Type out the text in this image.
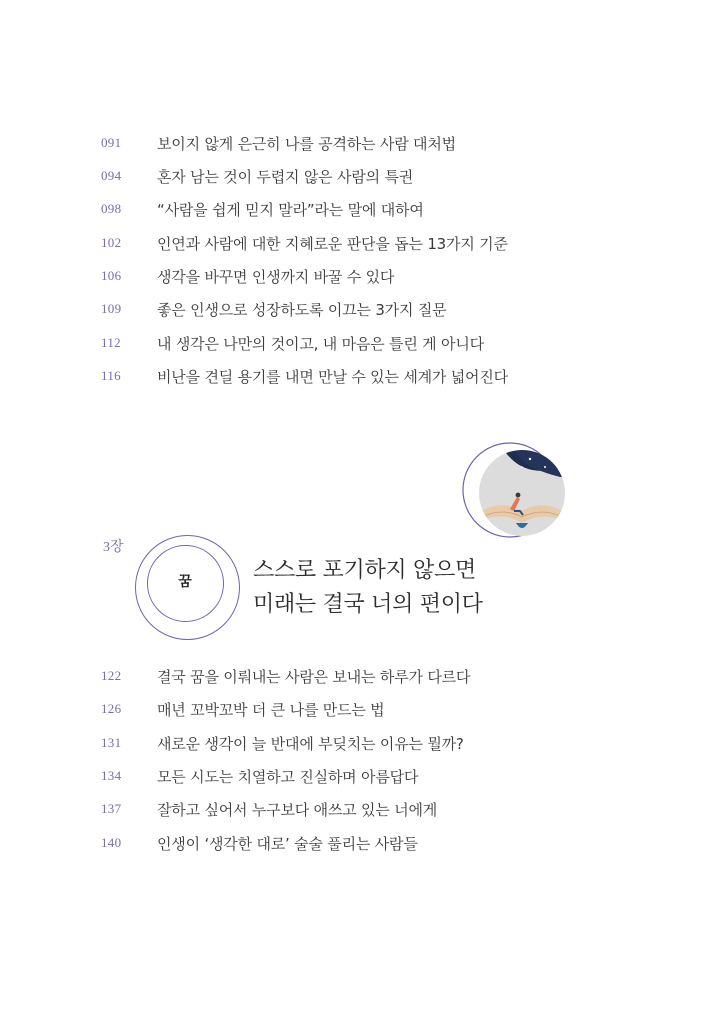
091	보이지 않게 은근히 나를 공격하는 사람 대처법
094	혼자 남는 것이 두렵지 않은 사람의 특권
098	“사람을 쉽게 믿지 말라”라는 말에 대하여
102	인연과 사람에 대한 지혜로운 판단을 돕는 13가지 기준
106	생각을 바꾸면 인생까지 바꿀 수 있다
109	좋은 인생으로 성장하도록 이끄는 3가지 질문
112	내 생각은 나만의 것이고, 내 마음은 틀린 게 아니다
116	비난을 견딜 용기를 내면 만날 수 있는 세계가 넓어진다
3장
꿈	스스로 포기하지 않으면
미래는 결국 너의 편이다
122	결국 꿈을 이뤄내는 사람은 보내는 하루가 다르다
126	매년 꼬박꼬박 더 큰 나를 만드는 법
131	새로운 생각이 늘 반대에 부딪치는 이유는 뭘까?
134	모든 시도는 치열하고 진실하며 아름답다
137	잘하고 싶어서 누구보다 애쓰고 있는 너에게
140	인생이 ‘생각한 대로’ 술술 풀리는 사람들
